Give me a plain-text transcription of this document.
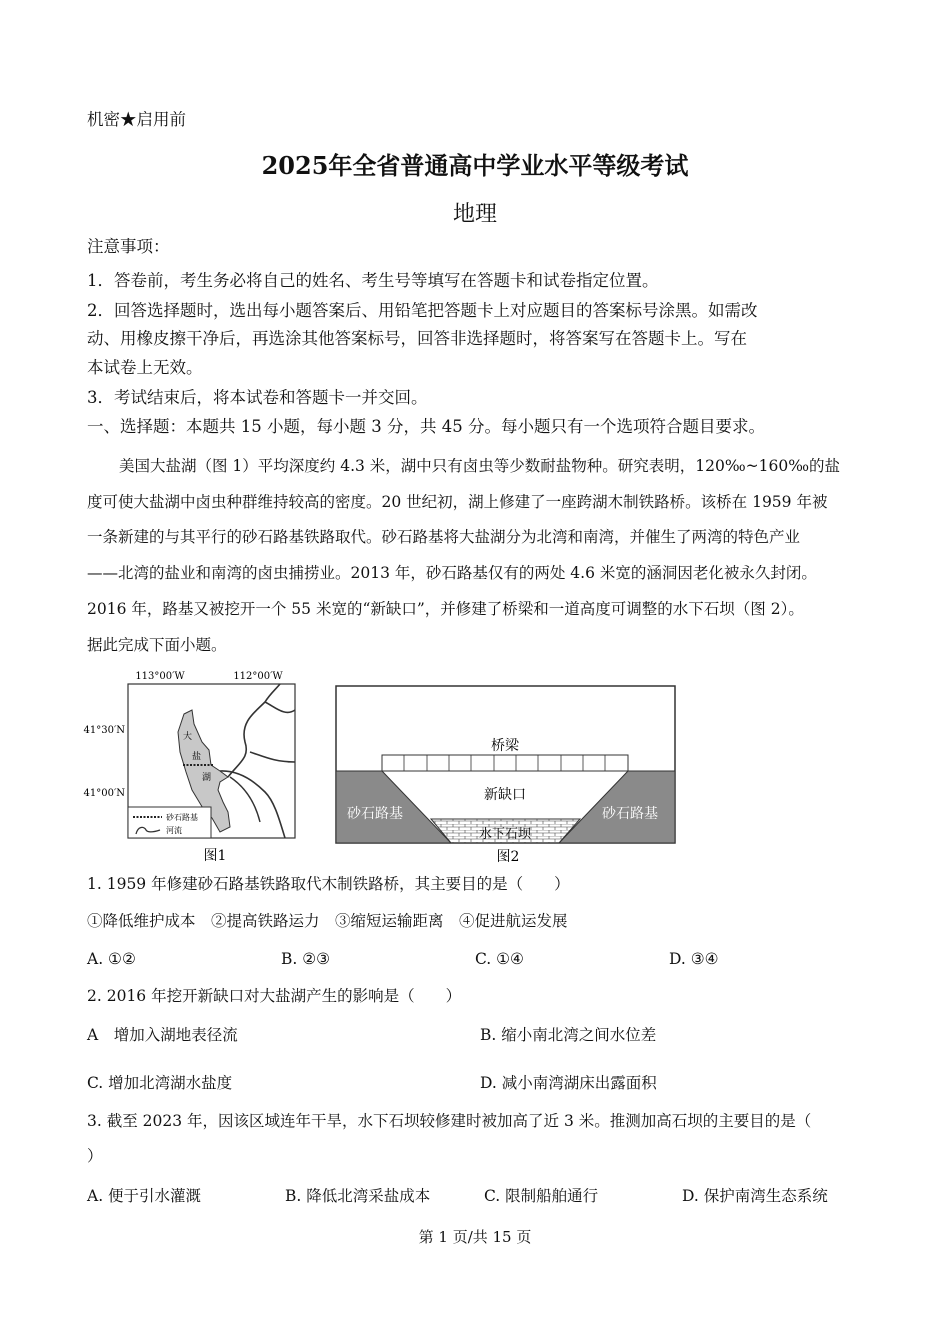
机密★启用前
2025年全省普通高中学业水平等级考试
地理
注意事项：
1．答卷前，考生务必将自己的姓名、考生号等填写在答题卡和试卷指定位置。
2．回答选择题时，选出每小题答案后、用铅笔把答题卡上对应题目的答案标号涂黑。如需改
动、用橡皮擦干净后，再选涂其他答案标号，回答非选择题时，将答案写在答题卡上。写在
本试卷上无效。
3．考试结束后，将本试卷和答题卡一并交回。
一、选择题：本题共 15 小题，每小题 3 分，共 45 分。每小题只有一个选项符合题目要求。
美国大盐湖（图 1）平均深度约 4.3 米，湖中只有卤虫等少数耐盐物种。研究表明，120‰~160‰的盐
度可使大盐湖中卤虫种群维持较高的密度。20 世纪初，湖上修建了一座跨湖木制铁路桥。该桥在 1959 年被
一条新建的与其平行的砂石路基铁路取代。砂石路基将大盐湖分为北湾和南湾，并催生了两湾的特色产业
——北湾的盐业和南湾的卤虫捕捞业。2013 年，砂石路基仅有的两处 4.6 米宽的涵洞因老化被永久封闭。
2016 年，路基又被挖开一个 55 米宽的“新缺口”，并修建了桥梁和一道高度可调整的水下石坝（图 2）。
据此完成下面小题。
113°00′W	112°00′W
41°30′N
41°00′N
大
盐
湖
砂石路基
河流
图1
桥梁
新缺口
砂石路基	砂石路基
水下石坝
图2
1. 1959 年修建砂石路基铁路取代木制铁路桥，其主要目的是（　　）
①降低维护成本　②提高铁路运力　③缩短运输距离　④促进航运发展
A. ①②	B. ②③	C. ①④	D. ③④
2. 2016 年挖开新缺口对大盐湖产生的影响是（　　）
A　增加入湖地表径流	B. 缩小南北湾之间水位差
C. 增加北湾湖水盐度	D. 减小南湾湖床出露面积
3. 截至 2023 年，因该区域连年干旱，水下石坝较修建时被加高了近 3 米。推测加高石坝的主要目的是（
）
A. 便于引水灌溉	B. 降低北湾采盐成本	C. 限制船舶通行	D. 保护南湾生态系统
第 1 页/共 15 页
